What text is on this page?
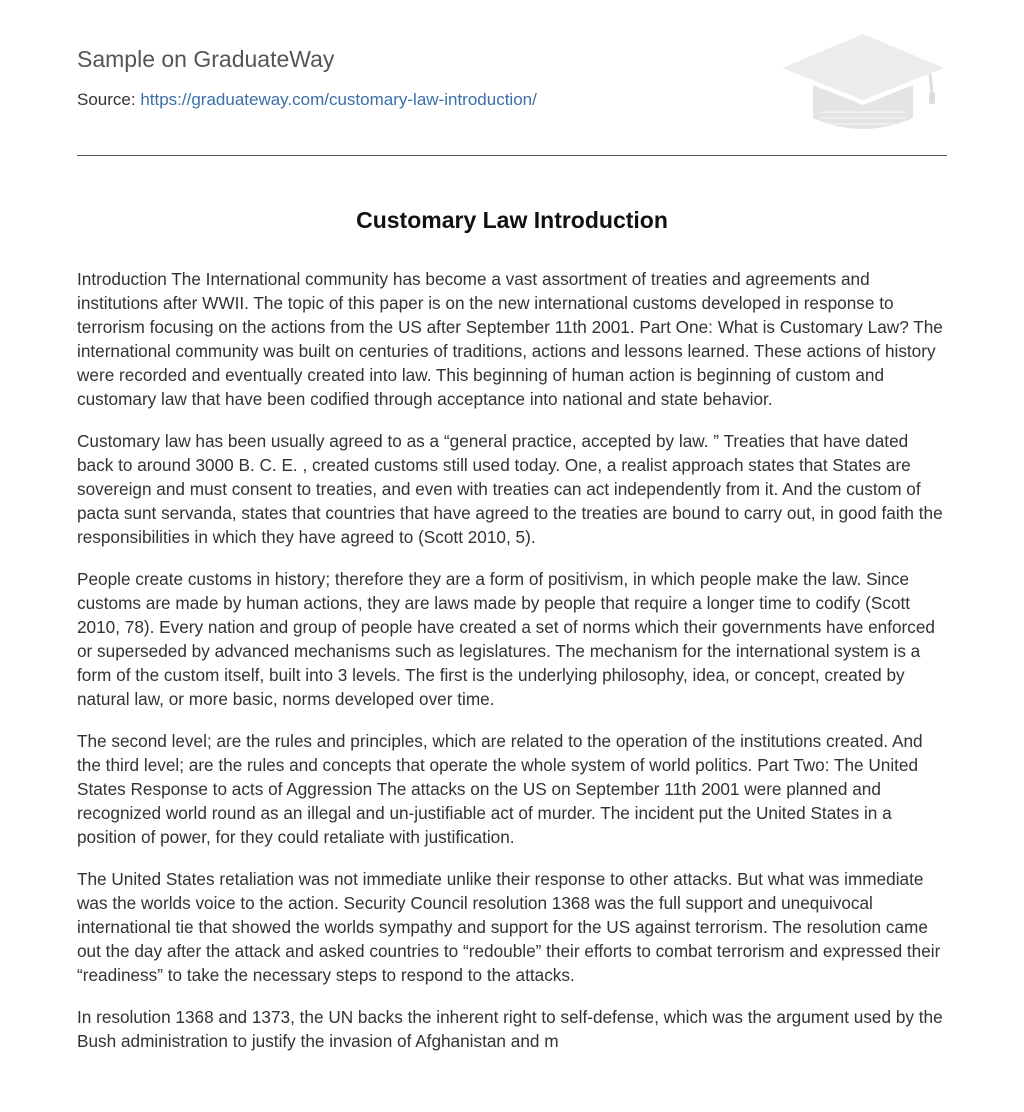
Sample on GraduateWay
Source: https://graduateway.com/customary-law-introduction/
Customary Law Introduction

Introduction The International community has become a vast assortment of treaties and agreements and institutions after WWII. The topic of this paper is on the new international customs developed in response to terrorism focusing on the actions from the US after September 11th 2001. Part One: What is Customary Law? The international community was built on centuries of traditions, actions and lessons learned. These actions of history were recorded and eventually created into law. This beginning of human action is beginning of custom and customary law that have been codified through acceptance into national and state behavior.

Customary law has been usually agreed to as a “general practice, accepted by law. ” Treaties that have dated back to around 3000 B. C. E. , created customs still used today. One, a realist approach states that States are sovereign and must consent to treaties, and even with treaties can act independently from it. And the custom of pacta sunt servanda, states that countries that have agreed to the treaties are bound to carry out, in good faith the responsibilities in which they have agreed to (Scott 2010, 5).

People create customs in history; therefore they are a form of positivism, in which people make the law. Since customs are made by human actions, they are laws made by people that require a longer time to codify (Scott 2010, 78). Every nation and group of people have created a set of norms which their governments have enforced or superseded by advanced mechanisms such as legislatures. The mechanism for the international system is a form of the custom itself, built into 3 levels. The first is the underlying philosophy, idea, or concept, created by natural law, or more basic, norms developed over time.

The second level; are the rules and principles, which are related to the operation of the institutions created. And the third level; are the rules and concepts that operate the whole system of world politics. Part Two: The United States Response to acts of Aggression The attacks on the US on September 11th 2001 were planned and recognized world round as an illegal and un-justifiable act of murder. The incident put the United States in a position of power, for they could retaliate with justification.

The United States retaliation was not immediate unlike their response to other attacks. But what was immediate was the worlds voice to the action. Security Council resolution 1368 was the full support and unequivocal international tie that showed the worlds sympathy and support for the US against terrorism. The resolution came out the day after the attack and asked countries to “redouble” their efforts to combat terrorism and expressed their “readiness” to take the necessary steps to respond to the attacks.

In resolution 1368 and 1373, the UN backs the inherent right to self-defense, which was the argument used by the Bush administration to justify the invasion of Afghanistan and m
